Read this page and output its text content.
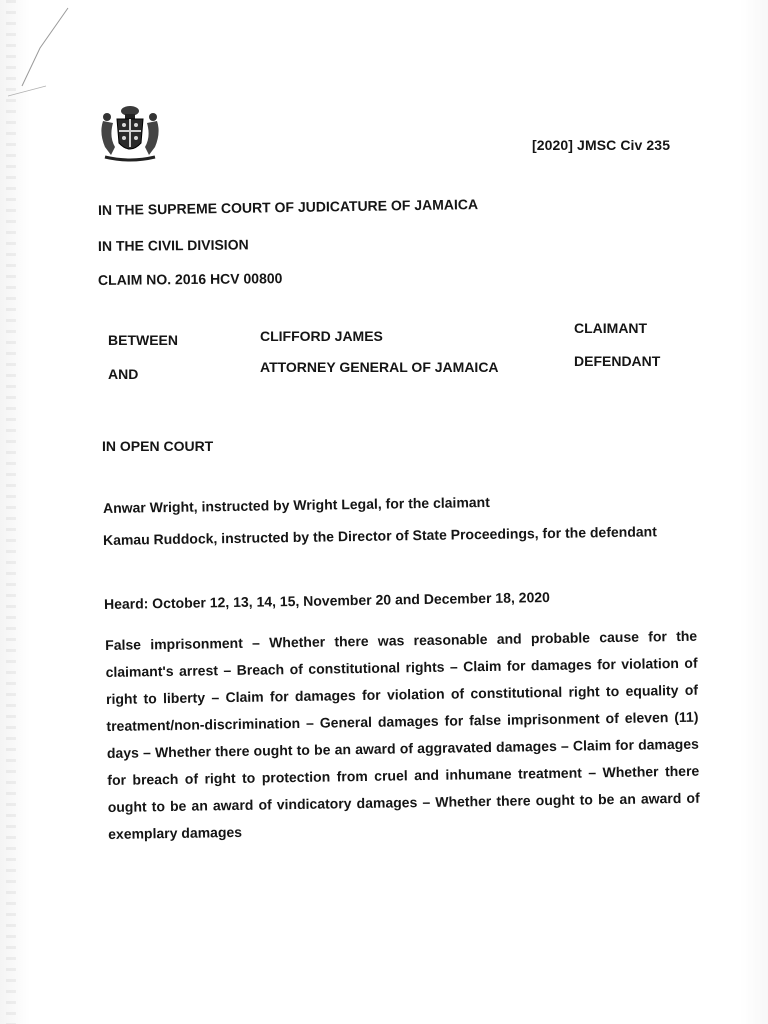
[2020] JMSC Civ 235
IN THE SUPREME COURT OF JUDICATURE OF JAMAICA
IN THE CIVIL DIVISION
CLAIM NO. 2016 HCV 00800
BETWEEN	CLIFFORD JAMES	CLAIMANT
AND	ATTORNEY GENERAL OF JAMAICA	DEFENDANT
IN OPEN COURT
Anwar Wright, instructed by Wright Legal, for the claimant
Kamau Ruddock, instructed by the Director of State Proceedings, for the defendant
Heard: October 12, 13, 14, 15, November 20 and December 18, 2020
False imprisonment – Whether there was reasonable and probable cause for the claimant's arrest – Breach of constitutional rights – Claim for damages for violation of right to liberty – Claim for damages for violation of constitutional right to equality of treatment/non-discrimination – General damages for false imprisonment of eleven (11) days – Whether there ought to be an award of aggravated damages – Claim for damages for breach of right to protection from cruel and inhumane treatment – Whether there ought to be an award of vindicatory damages – Whether there ought to be an award of exemplary damages
